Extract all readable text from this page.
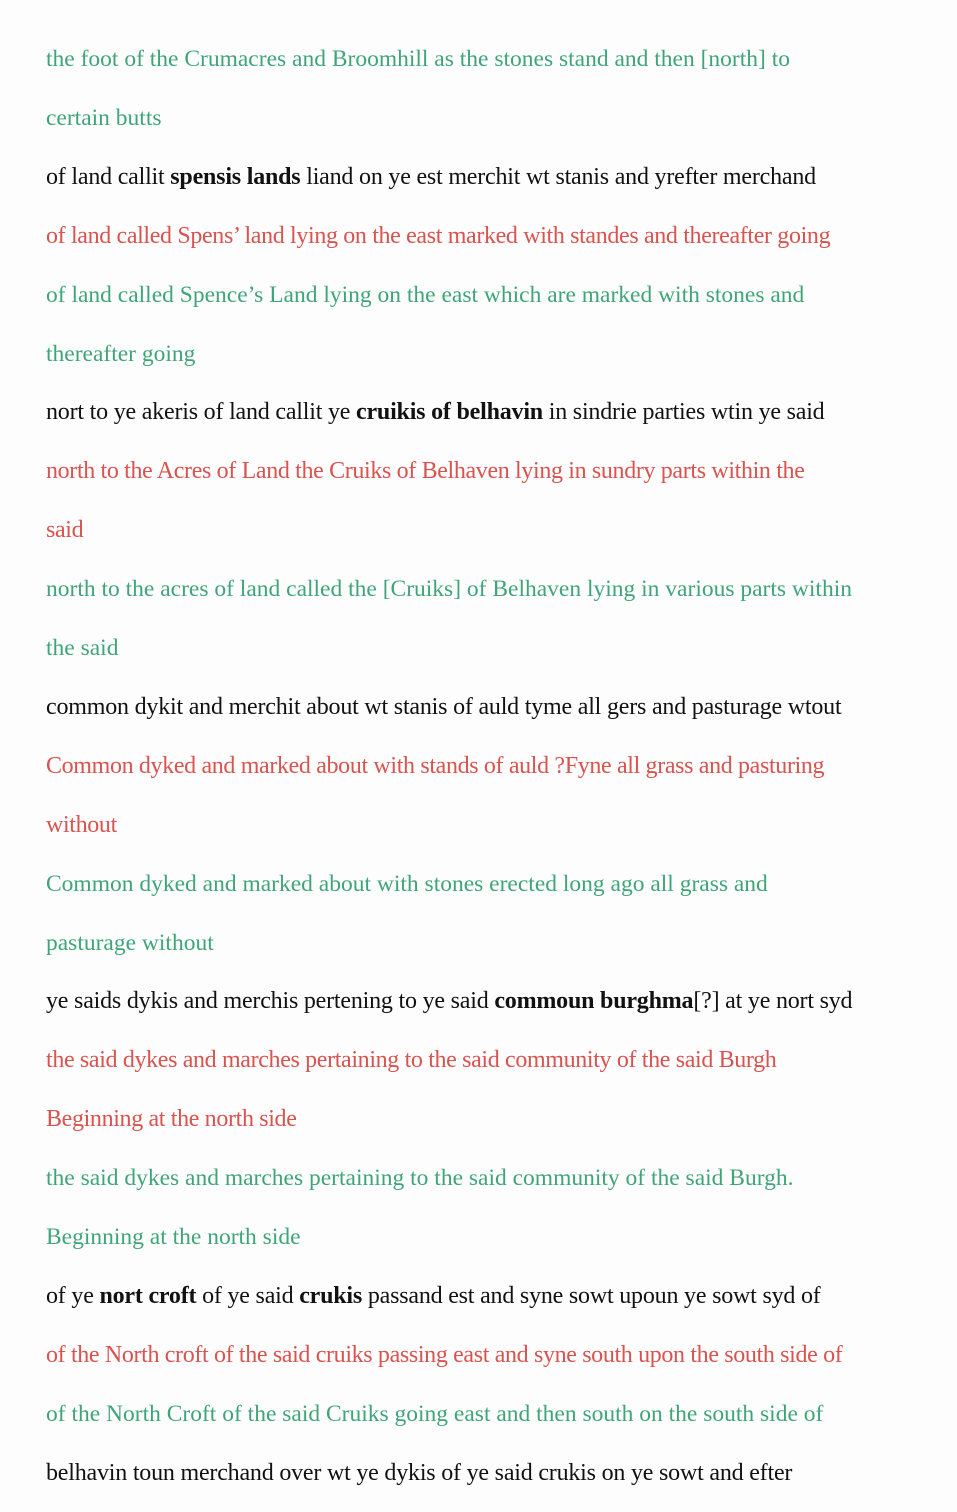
the foot of the Crumacres and Broomhill as the stones stand and then [north] to
certain butts
of land callit spensis lands liand on ye est merchit wt stanis and yrefter merchand
of land called Spens’ land lying on the east marked with standes and thereafter going
of land called Spence’s Land lying on the east which are marked with stones and
thereafter going
nort to ye akeris of land callit ye cruikis of belhavin in sindrie parties wtin ye said
north to the Acres of Land the Cruiks of Belhaven lying in sundry parts within the
said
north to the acres of land called the [Cruiks] of Belhaven lying in various parts within
the said
common dykit and merchit about wt stanis of auld tyme all gers and pasturage wtout
Common dyked and marked about with stands of auld ?Fyne all grass and pasturing
without
Common dyked and marked about with stones erected long ago all grass and
pasturage without
ye saids dykis and merchis pertening to ye said commoun burghma[?] at ye nort syd
the said dykes and marches pertaining to the said community of the said Burgh
Beginning at the north side
the said dykes and marches pertaining to the said community of the said Burgh.
Beginning at the north side
of ye nort croft of ye said crukis passand est and syne sowt upoun ye sowt syd of
of the North croft of the said cruiks passing east and syne south upon the south side of
of the North Croft of the said Cruiks going east and then south on the south side of
belhavin toun merchand over wt ye dykis of ye said crukis on ye sowt and efter
